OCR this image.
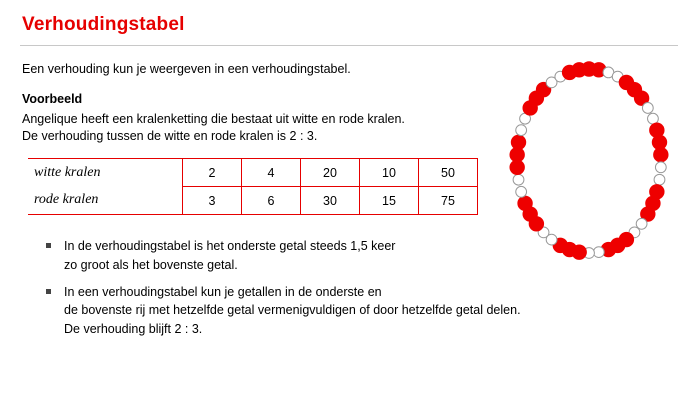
Verhoudingstabel

Een verhouding kun je weergeven in een verhoudingstabel.

Voorbeeld

Angelique heeft een kralenketting die bestaat uit witte en rode kralen.

De verhouding tussen de witte en rode kralen is 2 : 3.

witte kralen	2	4	20	10	50
rode kralen	3	6	30	15	75
In de verhoudingstabel is het onderste getal steeds 1,5 keer
zo groot als het bovenste getal.
In een verhoudingstabel kun je getallen in de onderste en
de bovenste rij met hetzelfde getal vermenigvuldigen of door hetzelfde getal delen.
De verhouding blijft 2 : 3.
